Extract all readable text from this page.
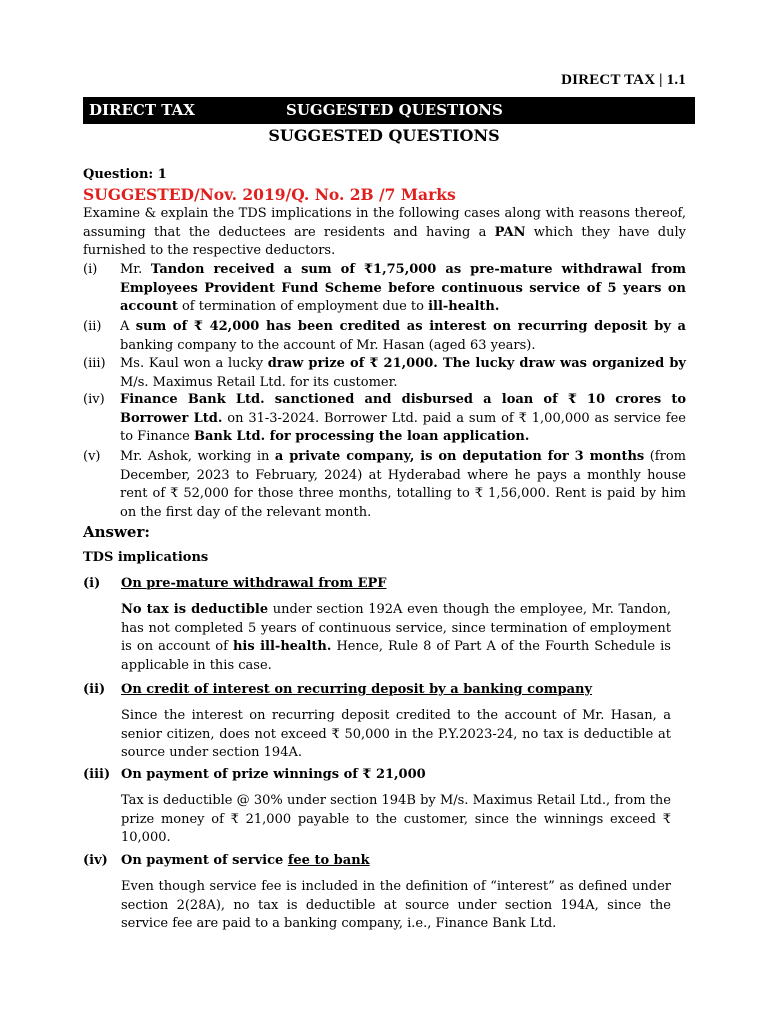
DIRECT TAX | 1.1
DIRECT TAX	SUGGESTED QUESTIONS
SUGGESTED QUESTIONS
Question: 1
SUGGESTED/Nov. 2019/Q. No. 2B /7 Marks
Examine & explain the TDS implications in the following cases along with reasons thereof, assuming that the deductees are residents and having a PAN which they have duly furnished to the respective deductors.
(i) Mr. Tandon received a sum of ₹1,75,000 as pre-mature withdrawal from Employees Provident Fund Scheme before continuous service of 5 years on account of termination of employment due to ill-health.
(ii) A sum of ₹ 42,000 has been credited as interest on recurring deposit by a banking company to the account of Mr. Hasan (aged 63 years).
(iii) Ms. Kaul won a lucky draw prize of ₹ 21,000. The lucky draw was organized by M/s. Maximus Retail Ltd. for its customer.
(iv) Finance Bank Ltd. sanctioned and disbursed a loan of ₹ 10 crores to Borrower Ltd. on 31-3-2024. Borrower Ltd. paid a sum of ₹ 1,00,000 as service fee to Finance Bank Ltd. for processing the loan application.
(v) Mr. Ashok, working in a private company, is on deputation for 3 months (from December, 2023 to February, 2024) at Hyderabad where he pays a monthly house rent of ₹ 52,000 for those three months, totalling to ₹ 1,56,000. Rent is paid by him on the first day of the relevant month.
Answer:
TDS implications
(i) On pre-mature withdrawal from EPF
No tax is deductible under section 192A even though the employee, Mr. Tandon, has not completed 5 years of continuous service, since termination of employment is on account of his ill-health. Hence, Rule 8 of Part A of the Fourth Schedule is applicable in this case.
(ii) On credit of interest on recurring deposit by a banking company
Since the interest on recurring deposit credited to the account of Mr. Hasan, a senior citizen, does not exceed ₹ 50,000 in the P.Y.2023-24, no tax is deductible at source under section 194A.
(iii) On payment of prize winnings of ₹ 21,000
Tax is deductible @ 30% under section 194B by M/s. Maximus Retail Ltd., from the prize money of ₹ 21,000 payable to the customer, since the winnings exceed ₹ 10,000.
(iv) On payment of service fee to bank
Even though service fee is included in the definition of “interest” as defined under section 2(28A), no tax is deductible at source under section 194A, since the service fee are paid to a banking company, i.e., Finance Bank Ltd.
